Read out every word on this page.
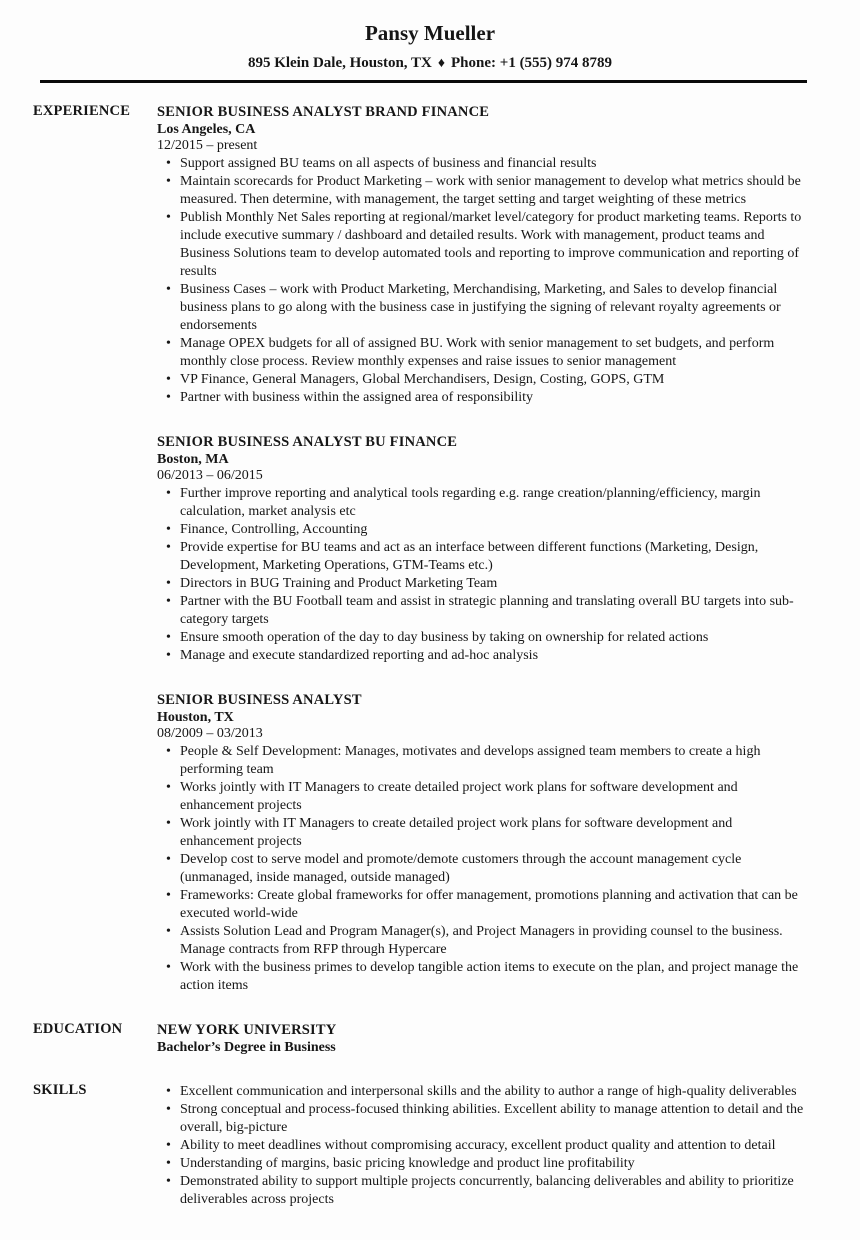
Pansy Mueller
895 Klein Dale, Houston, TX ♦ Phone: +1 (555) 974 8789
EXPERIENCE	SENIOR BUSINESS ANALYST BRAND FINANCE
Los Angeles, CA
12/2015 – present
• Support assigned BU teams on all aspects of business and financial results
• Maintain scorecards for Product Marketing – work with senior management to develop what metrics should be measured. Then determine, with management, the target setting and target weighting of these metrics
• Publish Monthly Net Sales reporting at regional/market level/category for product marketing teams. Reports to include executive summary / dashboard and detailed results. Work with management, product teams and Business Solutions team to develop automated tools and reporting to improve communication and reporting of results
• Business Cases – work with Product Marketing, Merchandising, Marketing, and Sales to develop financial business plans to go along with the business case in justifying the signing of relevant royalty agreements or endorsements
• Manage OPEX budgets for all of assigned BU. Work with senior management to set budgets, and perform monthly close process. Review monthly expenses and raise issues to senior management
• VP Finance, General Managers, Global Merchandisers, Design, Costing, GOPS, GTM
• Partner with business within the assigned area of responsibility
SENIOR BUSINESS ANALYST BU FINANCE
Boston, MA
06/2013 – 06/2015
• Further improve reporting and analytical tools regarding e.g. range creation/planning/efficiency, margin calculation, market analysis etc
• Finance, Controlling, Accounting
• Provide expertise for BU teams and act as an interface between different functions (Marketing, Design, Development, Marketing Operations, GTM-Teams etc.)
• Directors in BUG Training and Product Marketing Team
• Partner with the BU Football team and assist in strategic planning and translating overall BU targets into sub-category targets
• Ensure smooth operation of the day to day business by taking on ownership for related actions
• Manage and execute standardized reporting and ad-hoc analysis
SENIOR BUSINESS ANALYST
Houston, TX
08/2009 – 03/2013
• People & Self Development: Manages, motivates and develops assigned team members to create a high performing team
• Works jointly with IT Managers to create detailed project work plans for software development and enhancement projects
• Work jointly with IT Managers to create detailed project work plans for software development and enhancement projects
• Develop cost to serve model and promote/demote customers through the account management cycle (unmanaged, inside managed, outside managed)
• Frameworks: Create global frameworks for offer management, promotions planning and activation that can be executed world-wide
• Assists Solution Lead and Program Manager(s), and Project Managers in providing counsel to the business. Manage contracts from RFP through Hypercare
• Work with the business primes to develop tangible action items to execute on the plan, and project manage the action items
EDUCATION	NEW YORK UNIVERSITY
Bachelor’s Degree in Business
SKILLS	• Excellent communication and interpersonal skills and the ability to author a range of high-quality deliverables
• Strong conceptual and process-focused thinking abilities. Excellent ability to manage attention to detail and the overall, big-picture
• Ability to meet deadlines without compromising accuracy, excellent product quality and attention to detail
• Understanding of margins, basic pricing knowledge and product line profitability
• Demonstrated ability to support multiple projects concurrently, balancing deliverables and ability to prioritize deliverables across projects
